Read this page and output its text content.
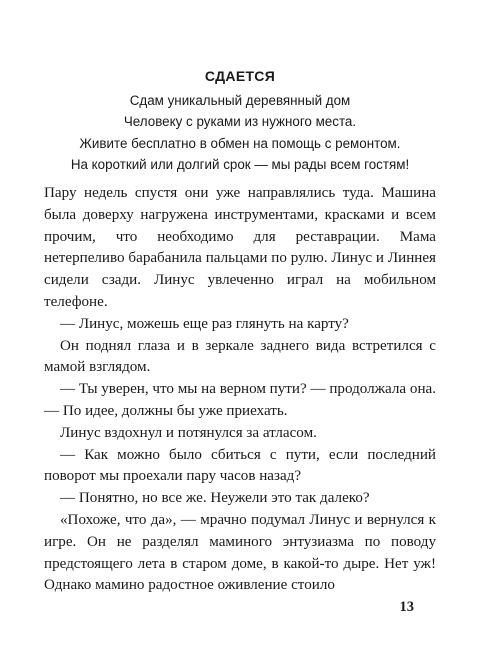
СДАЕТСЯ
Сдам уникальный деревянный дом
Человеку с руками из нужного места.
Живите бесплатно в обмен на помощь с ремонтом.
На короткий или долгий срок — мы рады всем гостям!

Пару недель спустя они уже направлялись туда. Машина была доверху нагружена инструментами, красками и всем прочим, что необходимо для реставрации. Мама нетерпеливо барабанила пальцами по рулю. Линус и Линнея сидели сзади. Линус увлеченно играл на мобильном телефоне.

— Линус, можешь еще раз глянуть на карту?

Он поднял глаза и в зеркале заднего вида встретился с мамой взглядом.

— Ты уверен, что мы на верном пути? — продолжала она. — По идее, должны бы уже приехать.

Линус вздохнул и потянулся за атласом.

— Как можно было сбиться с пути, если последний поворот мы проехали пару часов назад?

— Понятно, но все же. Неужели это так далеко?

«Похоже, что да», — мрачно подумал Линус и вернулся к игре. Он не разделял маминого энтузиазма по поводу предстоящего лета в старом доме, в какой-то дыре. Нет уж! Однако мамино радостное оживление стоило

13
